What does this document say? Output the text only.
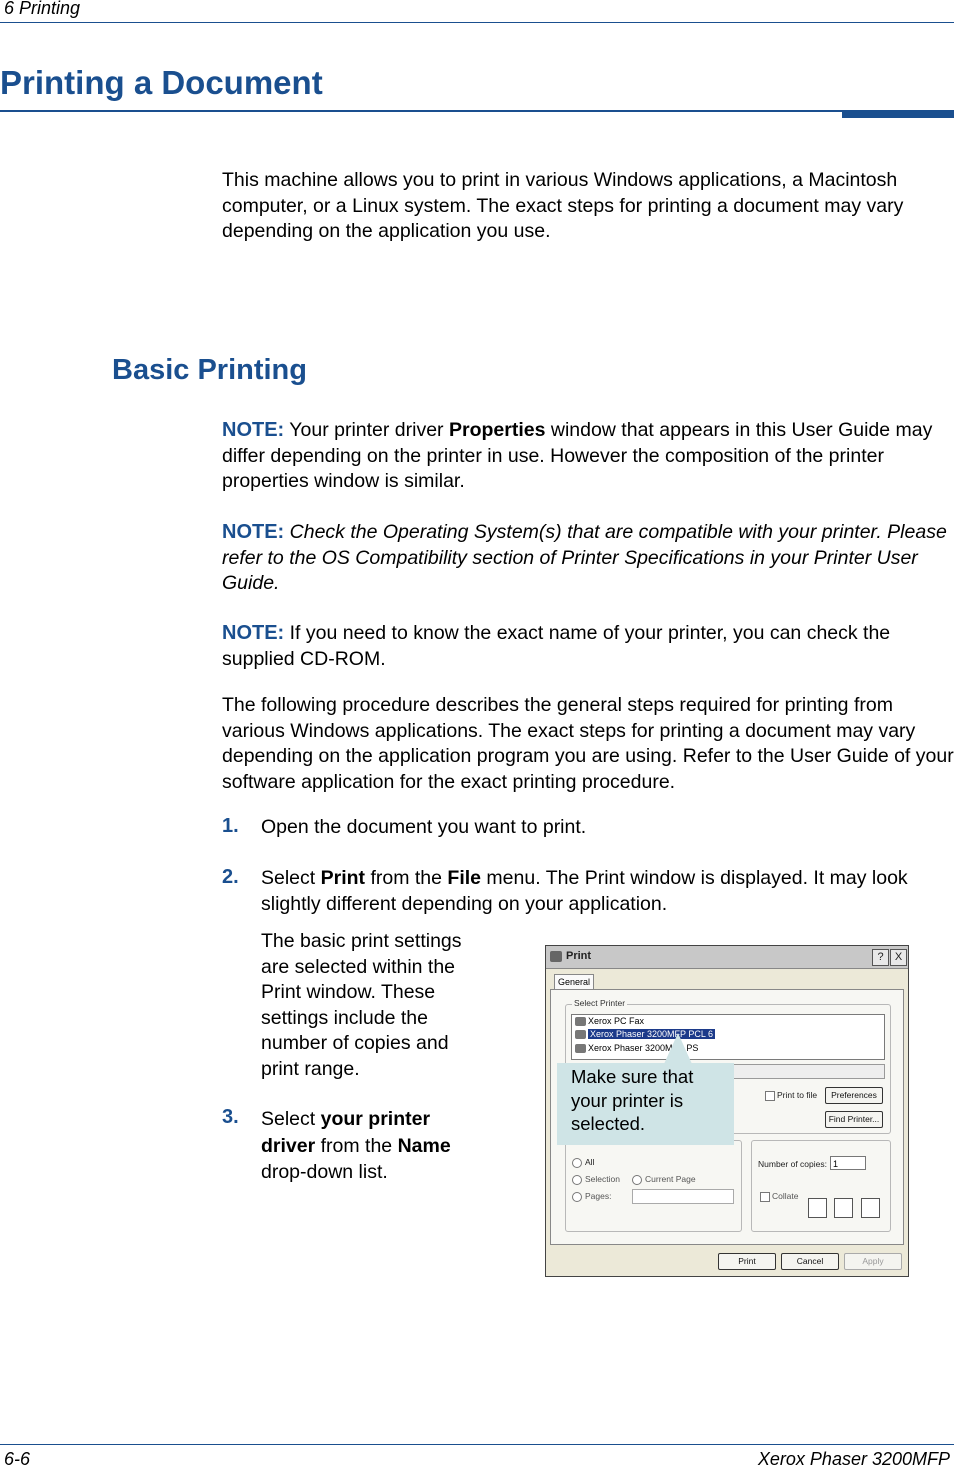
6 Printing
Printing a Document
This machine allows you to print in various Windows applications, a Macintosh computer, or a Linux system. The exact steps for printing a document may vary depending on the application you use.
Basic Printing
NOTE: Your printer driver Properties window that appears in this User Guide may differ depending on the printer in use. However the composition of the printer properties window is similar.
NOTE: Check the Operating System(s) that are compatible with your printer. Please refer to the OS Compatibility section of Printer Specifications in your Printer User Guide.
NOTE: If you need to know the exact name of your printer, you can check the supplied CD-ROM.
The following procedure describes the general steps required for printing from various Windows applications. The exact steps for printing a document may vary depending on the application program you are using. Refer to the User Guide of your software application for the exact printing procedure.
1. Open the document you want to print.
2. Select Print from the File menu. The Print window is displayed. It may look slightly different depending on your application.
The basic print settings are selected within the Print window. These settings include the number of copies and print range.
3. Select your printer driver from the Name drop-down list.
Print	?	X
General
Select Printer
Xerox PC Fax
Xerox Phaser 3200MFP PCL 6
Xerox Phaser 3200MFP PS
Print to file	Preferences
Find Printer...
All
Selection	Current Page
Pages:
Number of copies: 1
Collate
Print	Cancel	Apply
Make sure that your printer is selected.
6-6	Xerox Phaser 3200MFP
